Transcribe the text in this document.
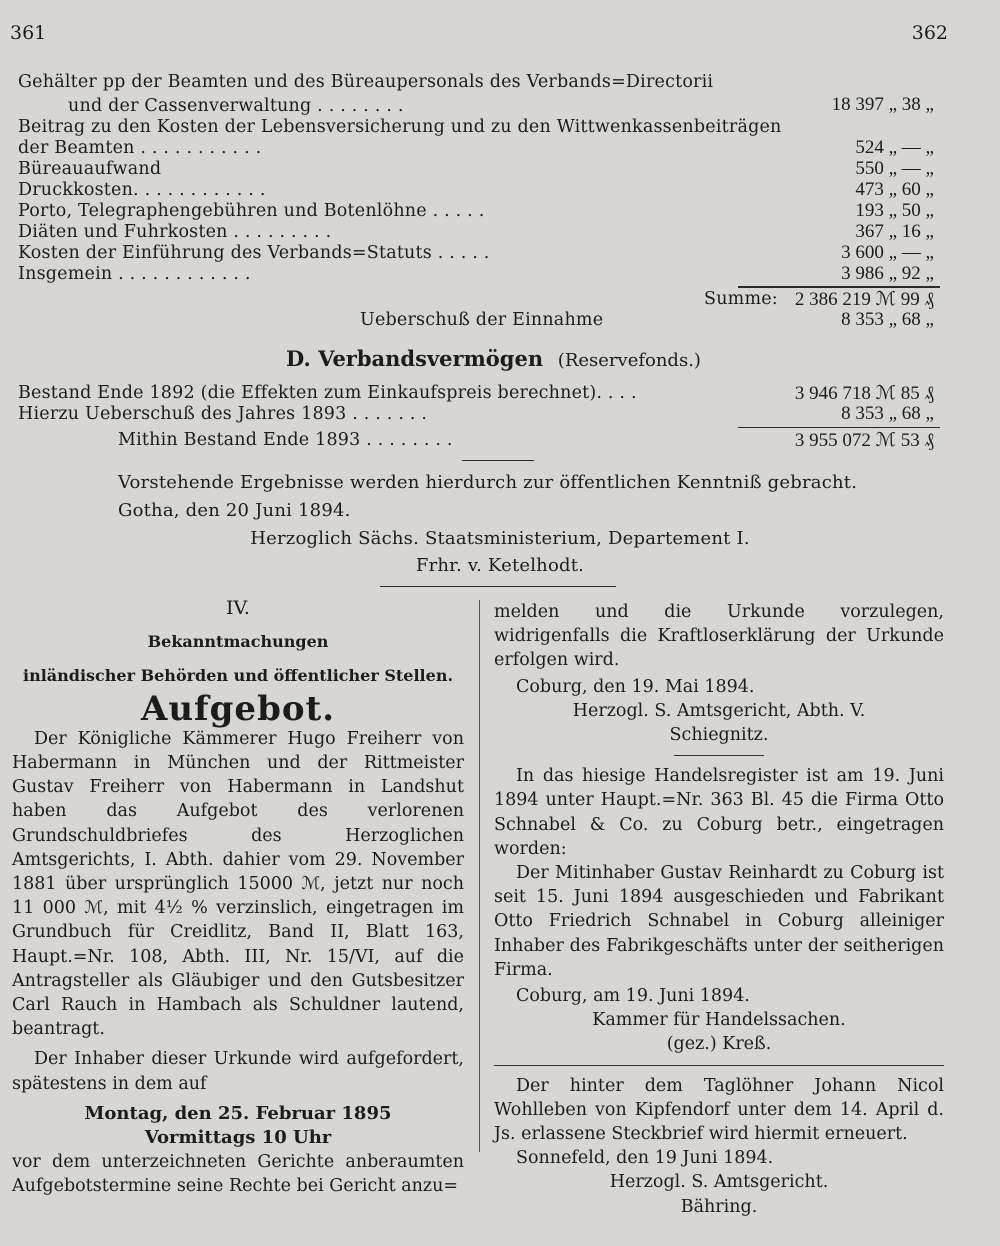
361	362
Gehälter pp der Beamten und des Büreaupersonals des Verbands=Directorii
und der Cassenverwaltung . . . . . . . .	18 397 „ 38 „
Beitrag zu den Kosten der Lebensversicherung und zu den Wittwenkassenbeiträgen
der Beamten . . . . . . . . . . .	524 „ — „
Büreauaufwand	550 „ — „
Druckkosten. . . . . . . . . . . .	473 „ 60 „
Porto, Telegraphengebühren und Botenlöhne . . . . .	193 „ 50 „
Diäten und Fuhrkosten . . . . . . . . .	367 „ 16 „
Kosten der Einführung des Verbands=Statuts . . . . .	3 600 „ — „
Insgemein . . . . . . . . . . . .	3 986 „ 92 „
Summe: 2 386 219 ℳ 99 ₰
Ueberschuß der Einnahme	8 353 „ 68 „
D. Verbandsvermögen (Reservefonds.)
Bestand Ende 1892 (die Effekten zum Einkaufspreis berechnet). . . .	3 946 718 ℳ 85 ₰
Hierzu Ueberschuß des Jahres 1893 . . . . . . .	8 353 „ 68 „
Mithin Bestand Ende 1893 . . . . . . . .	3 955 072 ℳ 53 ₰
Vorstehende Ergebnisse werden hierdurch zur öffentlichen Kenntniß gebracht.
Gotha, den 20 Juni 1894.
Herzoglich Sächs. Staatsministerium, Departement I.
Frhr. v. Ketelhodt.
IV.
Bekanntmachungen
inländischer Behörden und öffentlicher Stellen.
Aufgebot.

Der Königliche Kämmerer Hugo Freiherr von Habermann in München und der Rittmeister Gustav Freiherr von Habermann in Landshut haben das Aufgebot des verlorenen Grundschuldbriefes des Herzoglichen Amtsgerichts, I. Abth. dahier vom 29. November 1881 über ursprünglich 15000 ℳ, jetzt nur noch 11 000 ℳ, mit 4½ % verzinslich, eingetragen im Grundbuch für Creidlitz, Band II, Blatt 163, Haupt.=Nr. 108, Abth. III, Nr. 15/VI, auf die Antragsteller als Gläubiger und den Gutsbesitzer Carl Rauch in Hambach als Schuldner lautend, beantragt.

Der Inhaber dieser Urkunde wird aufgefordert, spätestens in dem auf

Montag, den 25. Februar 1895
Vormittags 10 Uhr

vor dem unterzeichneten Gerichte anberaumten Aufgebotstermine seine Rechte bei Gericht anzu=

melden und die Urkunde vorzulegen, widrigenfalls die Kraftloserklärung der Urkunde erfolgen wird.

Coburg, den 19. Mai 1894.

Herzogl. S. Amtsgericht, Abth. V.
Schiegnitz.

In das hiesige Handelsregister ist am 19. Juni 1894 unter Haupt.=Nr. 363 Bl. 45 die Firma Otto Schnabel & Co. zu Coburg betr., eingetragen worden:

Der Mitinhaber Gustav Reinhardt zu Coburg ist seit 15. Juni 1894 ausgeschieden und Fabrikant Otto Friedrich Schnabel in Coburg alleiniger Inhaber des Fabrikgeschäfts unter der seitherigen Firma.

Coburg, am 19. Juni 1894.

Kammer für Handelssachen.
(gez.) Kreß.

Der hinter dem Taglöhner Johann Nicol Wohlleben von Kipfendorf unter dem 14. April d. Js. erlassene Steckbrief wird hiermit erneuert.

Sonnefeld, den 19 Juni 1894.

Herzogl. S. Amtsgericht.
Bähring.
